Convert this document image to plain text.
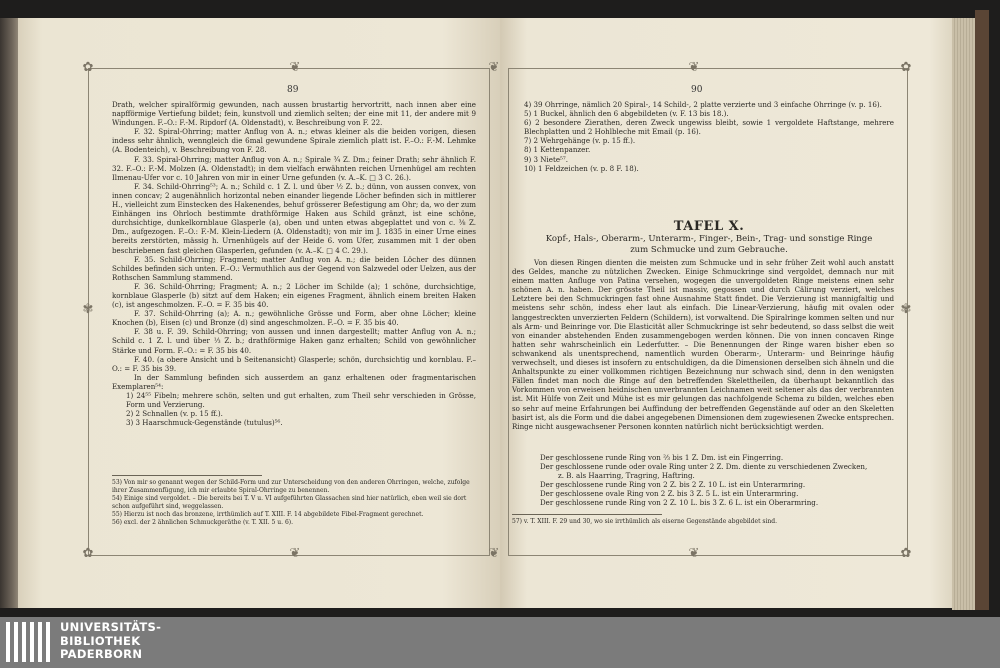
✿	❦	❦	❦	✿
✿	❦	❦	❦	✿
✾	✾
89

Drath, welcher spiralförmig gewunden, nach aussen brustartig hervortritt, nach innen aber eine napfförmige Vertiefung bildet; fein, kunstvoll und ziemlich selten; der eine mit 11, der andere mit 9 Windungen. F.–O.: F.-M. Ripdorf (A. Oldenstadt), v. Beschreibung von F. 22.

F. 32. Spiral-Ohrring; matter Anflug von A. n.; etwas kleiner als die beiden vorigen, diesen indess sehr ähnlich, wenngleich die 6mal gewundene Spirale ziemlich platt ist. F.–O.: F.-M. Lehmke (A. Bodenteich), v. Beschreibung von F. 28.

F. 33. Spiral-Ohrring; matter Anflug von A. n.; Spirale ¾ Z. Dm.; feiner Drath; sehr ähnlich F. 32. F.–O.: F.-M. Molzen (A. Oldenstadt); in dem vielfach erwähnten reichen Urnenhügel am rechten Ilmenau-Ufer vor c. 10 Jahren von mir in einer Urne gefunden (v. A.–K. □ 3 C. 26.).

F. 34. Schild-Ohrring⁵³; A. n.; Schild c. 1 Z. l. und über ½ Z. b.; dünn, von aussen convex, von innen concav; 2 augenähnlich horizontal neben einander liegende Löcher befinden sich in mittlerer H., vielleicht zum Einstecken des Hakenendes, behuf grösserer Befestigung am Ohr; da, wo der zum Einhängen ins Ohrloch bestimmte drathförmige Haken aus Schild gränzt, ist eine schöne, durchsichtige, dunkelkornblaue Glasperle (a), oben und unten etwas abgeplattet und von c. ⅜ Z. Dm., aufgezogen. F.–O.: F.-M. Klein-Liedern (A. Oldenstadt); von mir im J. 1835 in einer Urne eines bereits zerstörten, mässig h. Urnenhügels auf der Heide 6. vom Ufer, zusammen mit 1 der oben beschriebenen fast gleichen Glasperlen, gefunden (v. A.–K. □ 4 C. 29.).

F. 35. Schild-Ohrring; Fragment; matter Anflug von A. n.; die beiden Löcher des dünnen Schildes befinden sich unten. F.–O.: Vermuthlich aus der Gegend von Salzwedel oder Uelzen, aus der Rothschen Sammlung stammend.

F. 36. Schild-Ohrring; Fragment; A. n.; 2 Löcher im Schilde (a); 1 schöne, durchsichtige, kornblaue Glasperle (b) sitzt auf dem Haken; ein eigenes Fragment, ähnlich einem breiten Haken (c), ist angeschmolzen. F.–O. = F. 35 bis 40.

F. 37. Schild-Ohrring (a); A. n.; gewöhnliche Grösse und Form, aber ohne Löcher; kleine Knochen (b), Eisen (c) und Bronze (d) sind angeschmolzen. F.–O. = F. 35 bis 40.

F. 38 u. F. 39. Schild-Ohrring; von aussen und innen dargestellt; matter Anflug von A. n.; Schild c. 1 Z. l. und über ⅓ Z. b.; drathförmige Haken ganz erhalten; Schild von gewöhnlicher Stärke und Form. F.–O.: = F. 35 bis 40.

F. 40. (a obere Ansicht und b Seitenansicht) Glasperle; schön, durchsichtig und kornblau. F.–O.: = F. 35 bis 39.

In der Sammlung befinden sich ausserdem an ganz erhaltenen oder fragmentarischen Exemplaren⁵⁴:

1) 24⁵⁵ Fibeln; mehrere schön, selten und gut erhalten, zum Theil sehr verschieden in Grösse, Form und Verzierung.

2) 2 Schnallen (v. p. 15 ff.).

3) 3 Haarschmuck-Gegenstände (tutulus)⁵⁶.

53) Von mir so genannt wegen der Schild-Form und zur Unterscheidung von den anderen Ohrringen, welche, zufolge ihrer Zusammenfügung, ich mir erlaubte Spiral-Ohrringe zu benennen.

54) Einige sind vergoldet. – Die bereits bei T. V u. VI aufgeführten Glassachen sind hier natürlich, eben weil sie dort schon aufgeführt sind, weggelassen.

55) Hierzu ist noch das bronzene, irrthümlich auf T. XIII. F. 14 abgebildete Fibel-Fragment gerechnet.

56) excl. der 2 ähnlichen Schmuckgeräthe (v. T. XII. 5 u. 6).

90

4) 39 Ohrringe, nämlich 20 Spiral-, 14 Schild-, 2 platte verzierte und 3 einfache Ohrringe (v. p. 16).

5) 1 Buckel, ähnlich den 6 abgebildeten (v. F. 13 bis 18.).

6) 2 besondere Zierathen, deren Zweck ungewiss bleibt, sowie 1 vergoldete Haftstange, mehrere Blechplatten und 2 Hohlbleche mit Email (p. 16).

7) 2 Wehrgehänge (v. p. 15 ff.).

8) 1 Kettenpanzer.

9) 3 Niete⁵⁷.

10) 1 Feldzeichen (v. p. 8 F. 18).

TAFEL X.
Kopf-, Hals-, Oberarm-, Unterarm-, Finger-, Bein-, Trag- und sonstige Ringe zum Schmucke und zum Gebrauche.
Von diesen Ringen dienten die meisten zum Schmucke und in sehr früher Zeit wohl auch anstatt des Geldes, manche zu nützlichen Zwecken. Einige Schmuckringe sind vergoldet, demnach nur mit einem matten Anfluge von Patina versehen, wogegen die unvergoldeten Ringe meistens einen sehr schönen A. n. haben. Der grösste Theil ist massiv, gegossen und durch Cälirung verziert, welches Letztere bei den Schmuckringen fast ohne Ausnahme Statt findet. Die Verzierung ist mannigfaltig und meistens sehr schön, indess eher laut als einfach. Die Linear-Verzierung, häufig mit ovalen oder langgestreckten unverzierten Feldern (Schildern), ist vorwaltend. Die Spiralringe kommen selten und nur als Arm- und Beinringe vor. Die Elasticität aller Schmuckringe ist sehr bedeutend, so dass selbst die weit von einander abstehenden Enden zusammengebogen werden können. Die von innen concaven Ringe hatten sehr wahrscheinlich ein Lederfutter. – Die Benennungen der Ringe waren bisher eben so schwankend als unentsprechend, namentlich wurden Oberarm-, Unterarm- und Beinringe häufig verwechselt, und dieses ist insofern zu entschuldigen, da die Dimensionen derselben sich ähneln und die Anhaltspunkte zu einer vollkommen richtigen Bezeichnung nur schwach sind, denn in den wenigsten Fällen findet man noch die Ringe auf den betreffenden Skelettheilen, da überhaupt bekanntlich das Vorkommen von erweisen heidnischen unverbrannten Leichnamen weit seltener als das der verbrannten ist. Mit Hülfe von Zeit und Mühe ist es mir gelungen das nachfolgende Schema zu bilden, welches eben so sehr auf meine Erfahrungen bei Auffindung der betreffenden Gegenstände auf oder an den Skeletten basirt ist, als die Form und die dabei angegebenen Dimensionen dem zugewiesenen Zwecke entsprechen. Ringe nicht ausgewachsener Personen konnten natürlich nicht berücksichtigt werden.

Der geschlossene runde Ring von ⅔ bis 1 Z. Dm. ist ein Fingerring.

Der geschlossene runde oder ovale Ring unter 2 Z. Dm. diente zu verschiedenen Zwecken,

z. B. als Haarring, Tragring, Haftring.

Der geschlossene runde Ring von 2 Z. bis 2 Z. 10 L. ist ein Unterarmring.

Der geschlossene ovale Ring von 2 Z. bis 3 Z. 5 L. ist ein Unterarmring.

Der geschlossene runde Ring von 2 Z. 10 L. bis 3 Z. 6 L. ist ein Oberarmring.

57) v. T. XIII. F. 29 und 30, wo sie irrthümlich als eiserne Gegenstände abgebildet sind.

UNIVERSITÄTS-
BIBLIOTHEK
PADERBORN
